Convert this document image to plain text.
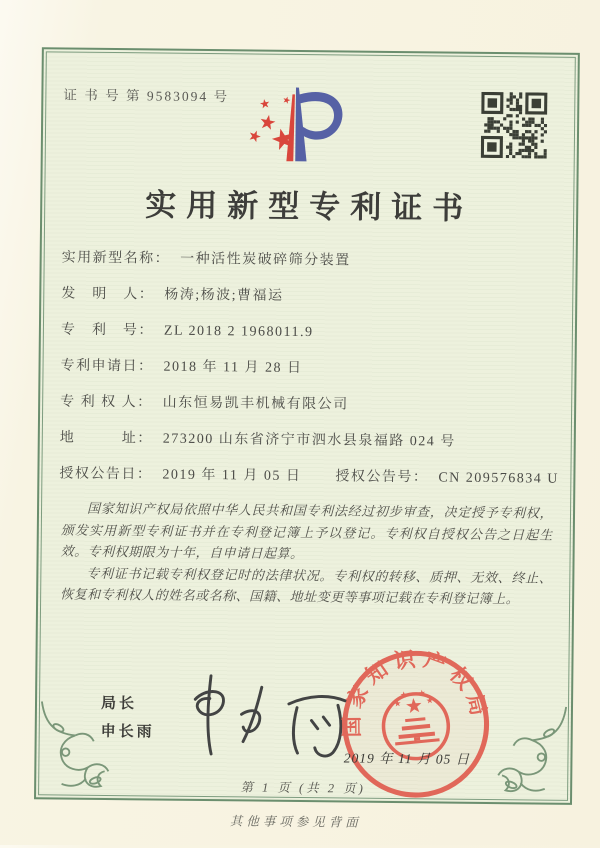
证 书 号 第 9583094 号
实用新型专利证书
实用新型名称： 一种活性炭破碎筛分装置
发　明　人： 杨涛;杨波;曹福运
专　利　号： ZL 2018 2 1968011.9
专利申请日： 2018 年 11 月 28 日
专 利 权 人： 山东恒易凯丰机械有限公司
地　　　址： 273200 山东省济宁市泗水县泉福路 024 号
授权公告日： 2019 年 11 月 05 日 授权公告号： CN 209576834 U

国家知识产权局依照中华人民共和国专利法经过初步审查，决定授予专利权，颁发实用新型专利证书并在专利登记簿上予以登记。专利权自授权公告之日起生效。专利权期限为十年，自申请日起算。

专利证书记载专利权登记时的法律状况。专利权的转移、质押、无效、终止、恢复和专利权人的姓名或名称、国籍、地址变更等事项记载在专利登记簿上。

局长
申长雨	国家知识产权局
2019 年 11 月 05 日
第 1 页 (共 2 页)
其他事项参见背面
